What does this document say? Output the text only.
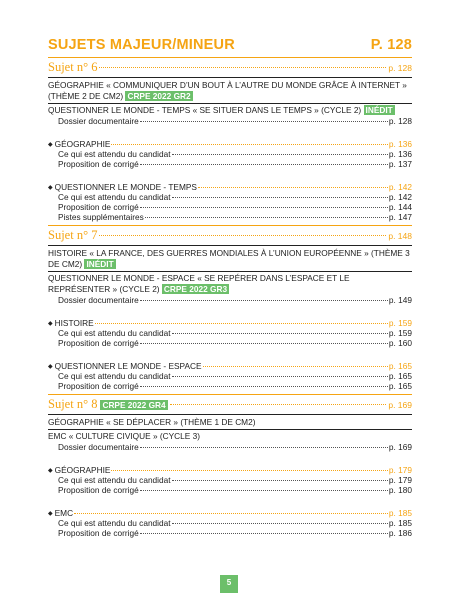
SUJETS MAJEUR/MINEUR	P. 128
Sujet n° 6	p. 128
GÉOGRAPHIE « COMMUNIQUER D’UN BOUT À L’AUTRE DU MONDE GRÂCE À INTERNET » (THÈME 2 DE CM2) CRPE 2022 GR2
QUESTIONNER LE MONDE - TEMPS « SE SITUER DANS LE TEMPS » (CYCLE 2) INÉDIT
Dossier documentaire	p. 128
◆ GÉOGRAPHIE	p. 136
Ce qui est attendu du candidat	p. 136
Proposition de corrigé	p. 137
◆ QUESTIONNER LE MONDE - TEMPS	p. 142
Ce qui est attendu du candidat	p. 142
Proposition de corrigé	p. 144
Pistes supplémentaires	p. 147
Sujet n° 7	p. 148
HISTOIRE « LA FRANCE, DES GUERRES MONDIALES À L’UNION EUROPÉENNE » (THÈME 3 DE CM2) INÉDIT
QUESTIONNER LE MONDE - ESPACE « SE REPÉRER DANS L’ESPACE ET LE REPRÉSENTER » (CYCLE 2) CRPE 2022 GR3
Dossier documentaire	p. 149
◆ HISTOIRE	p. 159
Ce qui est attendu du candidat	p. 159
Proposition de corrigé	p. 160
◆ QUESTIONNER LE MONDE - ESPACE	p. 165
Ce qui est attendu du candidat	p. 165
Proposition de corrigé	p. 165
Sujet n° 8 CRPE 2022 GR4	p. 169
GÉOGRAPHIE « SE DÉPLACER » (THÈME 1 DE CM2)
EMC « CULTURE CIVIQUE » (CYCLE 3)
Dossier documentaire	p. 169
◆ GÉOGRAPHIE	p. 179
Ce qui est attendu du candidat	p. 179
Proposition de corrigé	p. 180
◆ EMC	p. 185
Ce qui est attendu du candidat	p. 185
Proposition de corrigé	p. 186
5
